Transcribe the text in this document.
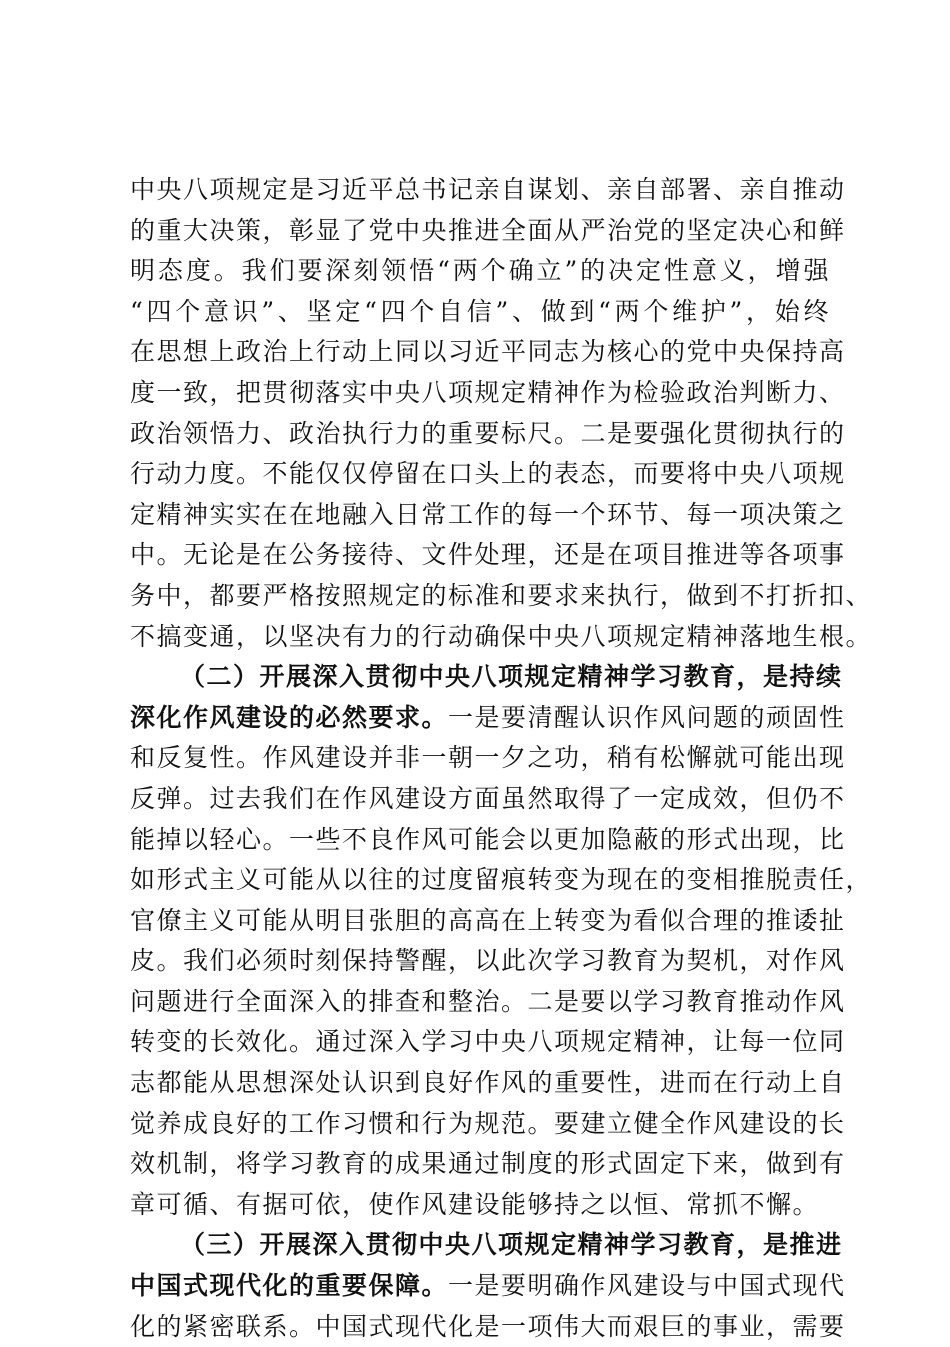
中央八项规定是习近平总书记亲自谋划、亲自部署、亲自推动
的重大决策，彰显了党中央推进全面从严治党的坚定决心和鲜
明态度。我们要深刻领悟“两个确立”的决定性意义，增强
“四个意识”、坚定“四个自信”、做到“两个维护”，始终
在思想上政治上行动上同以习近平同志为核心的党中央保持高
度一致，把贯彻落实中央八项规定精神作为检验政治判断力、
政治领悟力、政治执行力的重要标尺。二是要强化贯彻执行的
行动力度。不能仅仅停留在口头上的表态，而要将中央八项规
定精神实实在在地融入日常工作的每一个环节、每一项决策之
中。无论是在公务接待、文件处理，还是在项目推进等各项事
务中，都要严格按照规定的标准和要求来执行，做到不打折扣、
不搞变通，以坚决有力的行动确保中央八项规定精神落地生根。
（二）开展深入贯彻中央八项规定精神学习教育，是持续
深化作风建设的必然要求。一是要清醒认识作风问题的顽固性
和反复性。作风建设并非一朝一夕之功，稍有松懈就可能出现
反弹。过去我们在作风建设方面虽然取得了一定成效，但仍不
能掉以轻心。一些不良作风可能会以更加隐蔽的形式出现，比
如形式主义可能从以往的过度留痕转变为现在的变相推脱责任，
官僚主义可能从明目张胆的高高在上转变为看似合理的推诿扯
皮。我们必须时刻保持警醒，以此次学习教育为契机，对作风
问题进行全面深入的排查和整治。二是要以学习教育推动作风
转变的长效化。通过深入学习中央八项规定精神，让每一位同
志都能从思想深处认识到良好作风的重要性，进而在行动上自
觉养成良好的工作习惯和行为规范。要建立健全作风建设的长
效机制，将学习教育的成果通过制度的形式固定下来，做到有
章可循、有据可依，使作风建设能够持之以恒、常抓不懈。
（三）开展深入贯彻中央八项规定精神学习教育，是推进
中国式现代化的重要保障。一是要明确作风建设与中国式现代
化的紧密联系。中国式现代化是一项伟大而艰巨的事业，需要
